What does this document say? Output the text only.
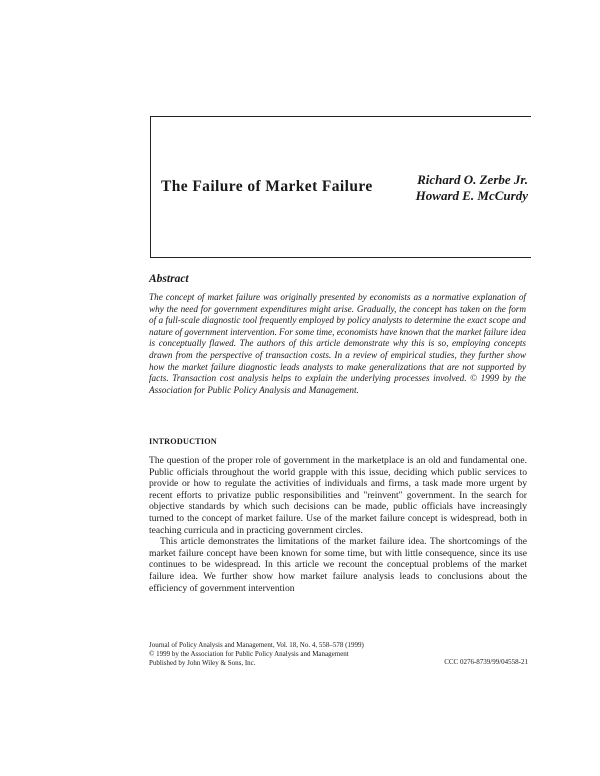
The Failure of Market Failure	Richard O. Zerbe Jr.
Howard E. McCurdy
Abstract

The concept of market failure was originally presented by economists as a normative explanation of why the need for government expenditures might arise. Gradually, the concept has taken on the form of a full-scale diagnostic tool frequently employed by policy analysts to determine the exact scope and nature of government intervention. For some time, economists have known that the market failure idea is conceptually flawed. The authors of this article demonstrate why this is so, employing concepts drawn from the perspective of transaction costs. In a review of empirical studies, they further show how the market failure diagnostic leads analysts to make generalizations that are not supported by facts. Transaction cost analysis helps to explain the underlying processes involved. © 1999 by the Association for Public Policy Analysis and Management.

INTRODUCTION

The question of the proper role of government in the marketplace is an old and fundamental one. Public officials throughout the world grapple with this issue, deciding which public services to provide or how to regulate the activities of individuals and firms, a task made more urgent by recent efforts to privatize public responsibilities and "reinvent" government. In the search for objective standards by which such decisions can be made, public officials have increasingly turned to the concept of market failure. Use of the market failure concept is widespread, both in teaching curricula and in practicing government circles.

This article demonstrates the limitations of the market failure idea. The shortcomings of the market failure concept have been known for some time, but with little consequence, since its use continues to be widespread. In this article we recount the conceptual problems of the market failure idea. We further show how market failure analysis leads to conclusions about the efficiency of government intervention

Journal of Policy Analysis and Management, Vol. 18, No. 4, 558–578 (1999)
© 1999 by the Association for Public Policy Analysis and Management
Published by John Wiley & Sons, Inc.	CCC 0276-8739/99/04558-21
